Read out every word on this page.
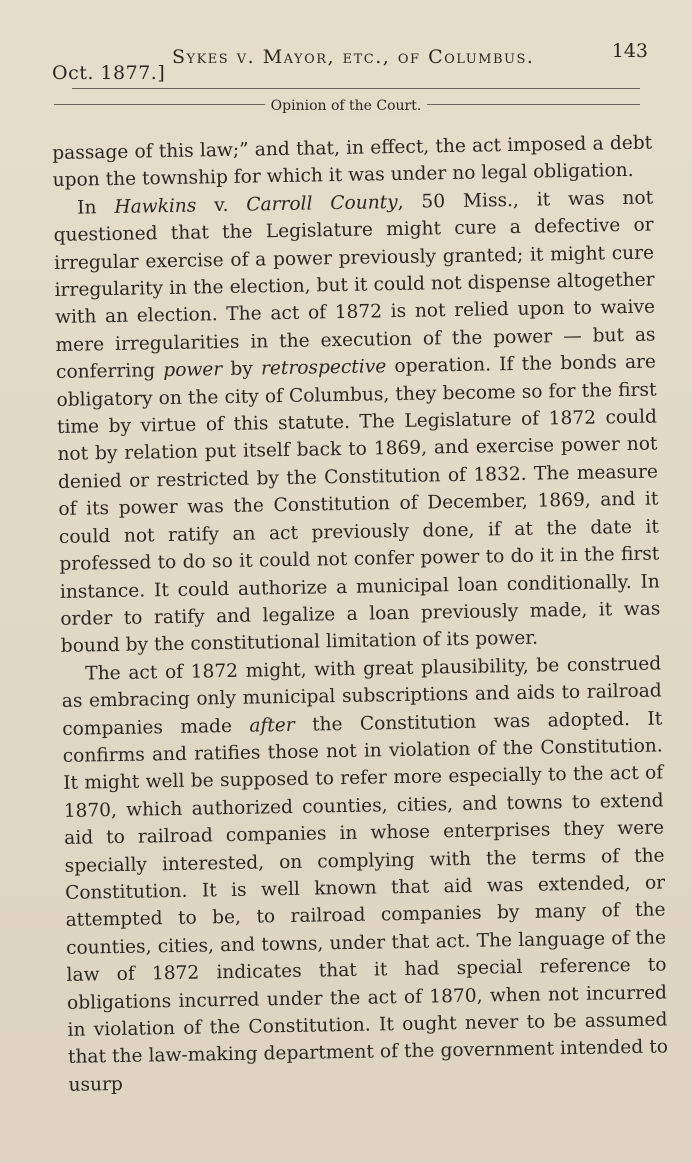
Oct. 1877.]
Sykes v. Mayor, etc., of Columbus.	143
Opinion of the Court.

passage of this law;” and that, in effect, the act imposed a debt upon the township for which it was under no legal obligation.

In Hawkins v. Carroll County, 50 Miss., it was not questioned that the Legislature might cure a defective or irregular exercise of a power previously granted; it might cure irregularity in the election, but it could not dispense altogether with an election. The act of 1872 is not relied upon to waive mere irregularities in the execution of the power — but as conferring power by retrospective operation. If the bonds are obligatory on the city of Columbus, they become so for the first time by virtue of this statute. The Legislature of 1872 could not by relation put itself back to 1869, and exercise power not denied or restricted by the Constitution of 1832. The measure of its power was the Constitution of December, 1869, and it could not ratify an act previously done, if at the date it professed to do so it could not confer power to do it in the first instance. It could authorize a municipal loan conditionally. In order to ratify and legalize a loan previously made, it was bound by the constitutional limitation of its power.

The act of 1872 might, with great plausibility, be construed as embracing only municipal subscriptions and aids to railroad companies made after the Constitution was adopted. It confirms and ratifies those not in violation of the Constitution. It might well be supposed to refer more especially to the act of 1870, which authorized counties, cities, and towns to extend aid to railroad companies in whose enterprises they were specially interested, on complying with the terms of the Constitution. It is well known that aid was extended, or attempted to be, to railroad companies by many of the counties, cities, and towns, under that act. The language of the law of 1872 indicates that it had special reference to obligations incurred under the act of 1870, when not incurred in violation of the Constitution. It ought never to be assumed that the law-making department of the government intended to usurp
